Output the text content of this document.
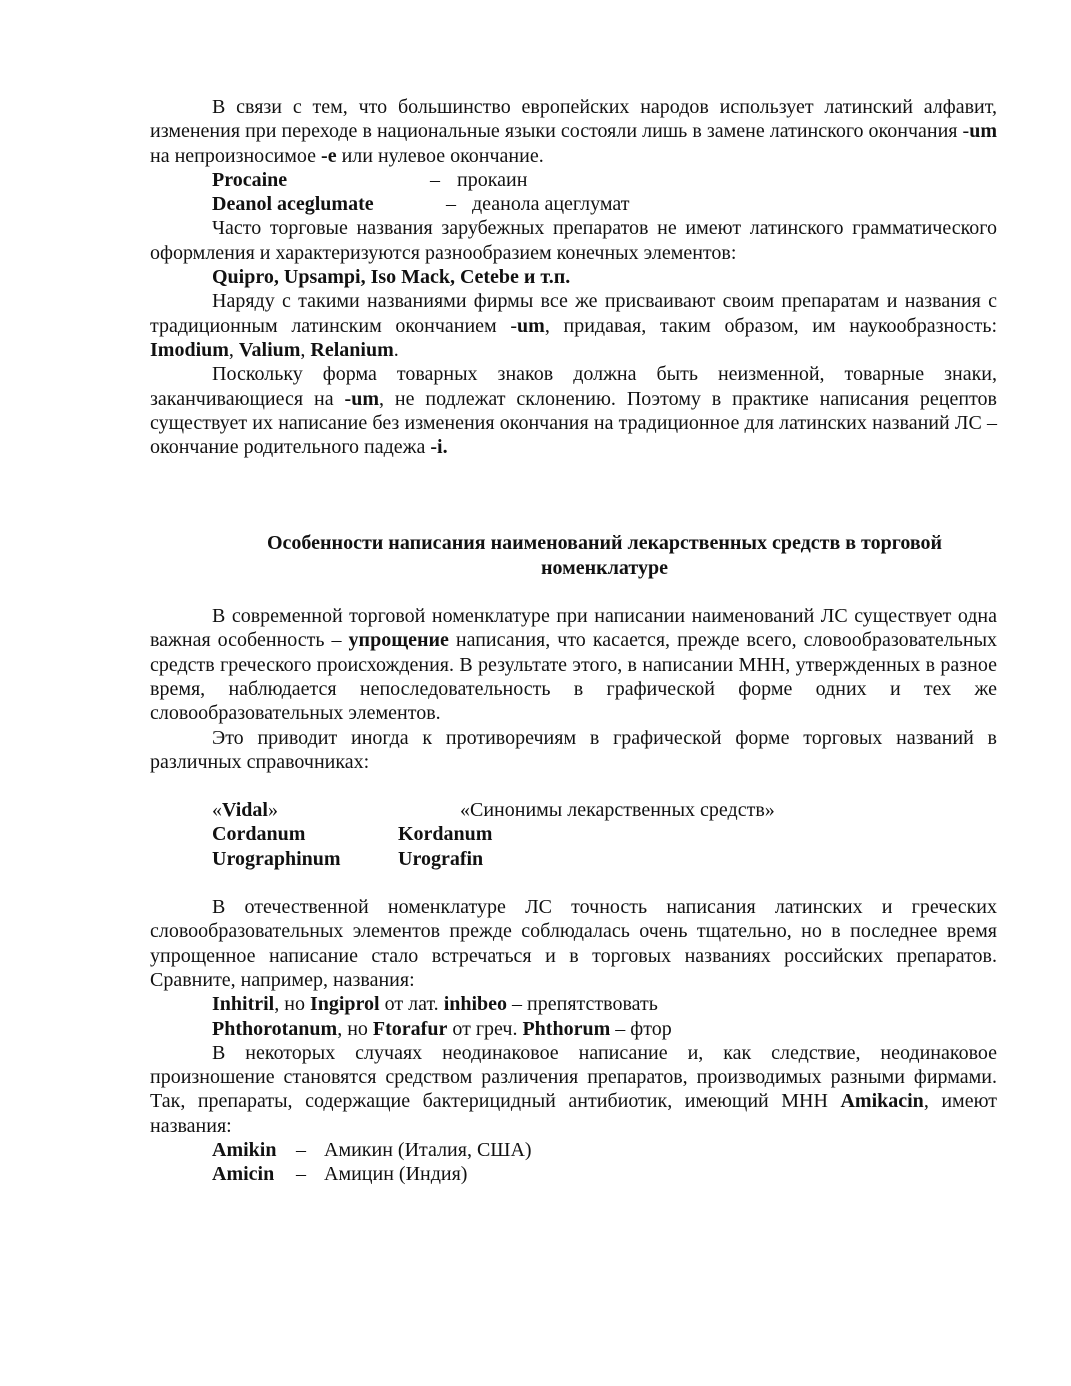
В связи с тем, что большинство европейских народов использует латинский алфавит, изменения при переходе в национальные языки состояли лишь в замене латинского окончания -um на непроизносимое -e или нулевое окончание.

Procaine	– прокаин
Deanol aceglumate	– деанола ацеглумат

Часто торговые названия зарубежных препаратов не имеют латинского грамматического оформления и характеризуются разнообразием конечных элементов:

Quipro, Upsampi, Iso Mack, Cetebe и т.п.

Наряду с такими названиями фирмы все же присваивают своим препаратам и названия с традиционным латинским окончанием -um, придавая, таким образом, им наукообразность: Imodium, Valium, Relanium.

Поскольку форма товарных знаков должна быть неизменной, товарные знаки, заканчивающиеся на -um, не подлежат склонению. Поэтому в практике написания рецептов существует их написание без изменения окончания на традиционное для латинских названий ЛС – окончание родительного падежа -i.

Особенности написания наименований лекарственных средств в торговой номенклатуре

В современной торговой номенклатуре при написании наименований ЛС существует одна важная особенность – упрощение написания, что касается, прежде всего, словообразовательных средств греческого происхождения. В результате этого, в написании МНН, утвержденных в разное время, наблюдается непоследовательность в графической форме одних и тех же словообразовательных элементов.

Это приводит иногда к противоречиям в графической форме торговых названий в различных справочниках:

«Vidal»	«Синонимы лекарственных средств»
Cordanum	Kordanum
Urographinum	Urografin

В отечественной номенклатуре ЛС точность написания латинских и греческих словообразовательных элементов прежде соблюдалась очень тщательно, но в последнее время упрощенное написание стало встречаться и в торговых названиях российских препаратов. Сравните, например, названия:

Inhitril, но Ingiprol от лат. inhibeo – препятствовать

Phthorotanum, но Ftorafur от греч. Phthorum – фтор

В некоторых случаях неодинаковое написание и, как следствие, неодинаковое произношение становятся средством различения препаратов, производимых разными фирмами. Так, препараты, содержащие бактерицидный антибиотик, имеющий МНН Amikacin, имеют названия:

Amikin – Амикин (Италия, США)
Amicin – Амицин (Индия)
